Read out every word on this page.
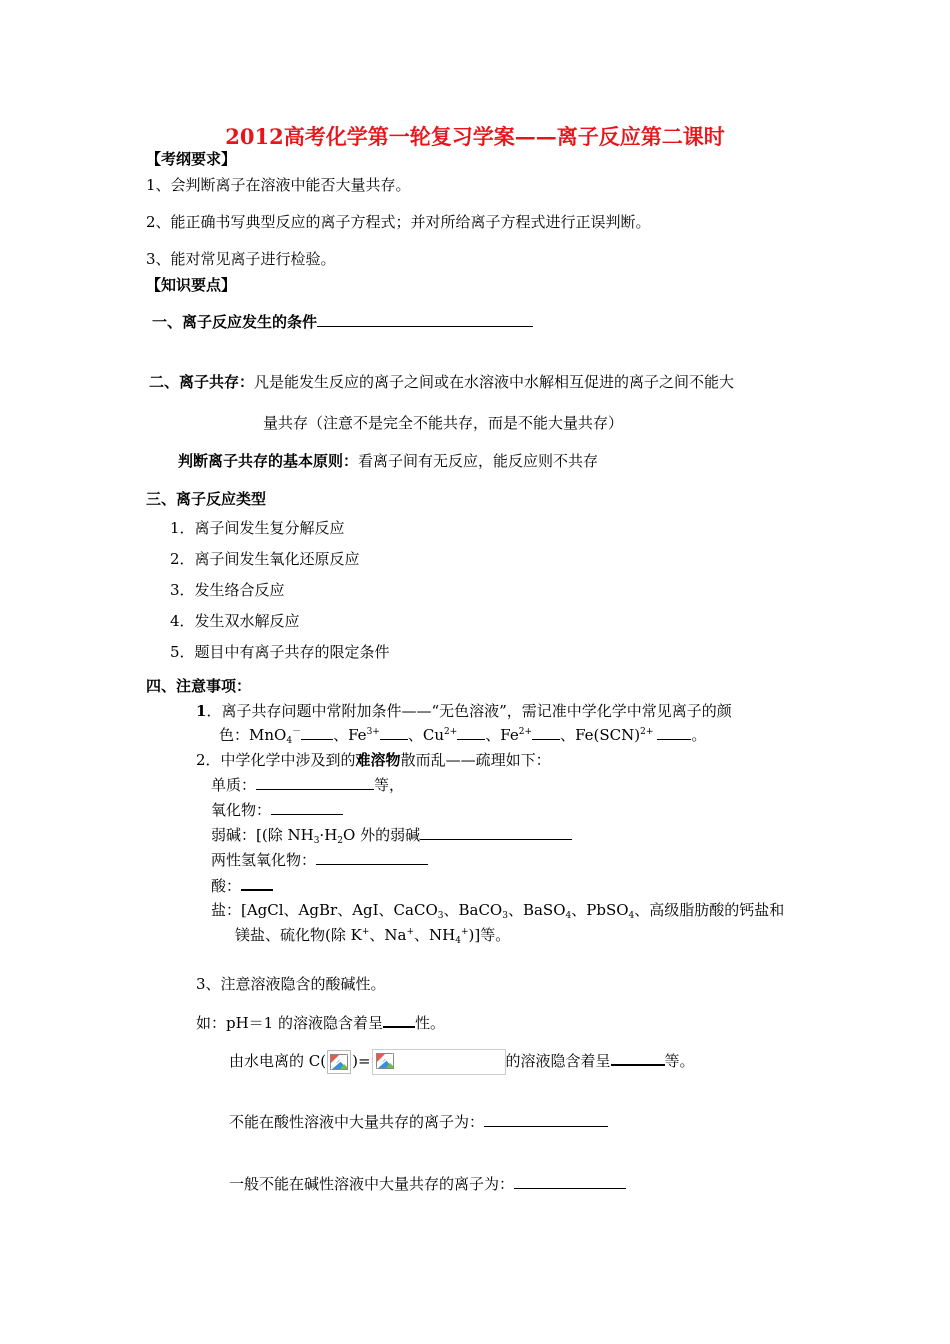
2012高考化学第一轮复习学案——离子反应第二课时
【考纲要求】
1、会判断离子在溶液中能否大量共存。
2、能正确书写典型反应的离子方程式；并对所给离子方程式进行正误判断。
3、能对常见离子进行检验。
【知识要点】
一、离子反应发生的条件
二、离子共存：凡是能发生反应的离子之间或在水溶液中水解相互促进的离子之间不能大
量共存（注意不是完全不能共存，而是不能大量共存）
判断离子共存的基本原则：看离子间有无反应，能反应则不共存
三、离子反应类型
1．离子间发生复分解反应
2．离子间发生氧化还原反应
3．发生络合反应
4．发生双水解反应
5．题目中有离子共存的限定条件
四、注意事项：
1．离子共存问题中常附加条件——“无色溶液”，需记准中学化学中常见离子的颜
色：MnO$_4$－ 、$Fe^{3+}$ 、$Cu^{2+}$ 、$Fe^{2+}$ 、Fe(SCN)$^{2+}$	。
2．中学化学中涉及到的难溶物散而乱——疏理如下：
单质：	等，
氧化物：
弱碱：[(除 $NH_3\cdot H_2O$ 外的弱碱
两性氢氧化物：
酸：
盐：[AgCl、AgBr、AgI、CaCO$_3$、BaCO$_3$、BaSO$_4$、PbSO$_4$、高级脂肪酸的钙盐和
镁盐、硫化物(除 K+、Na+、$NH_4^+$)]等。
3、注意溶液隐含的酸碱性。
如：pH＝1 的溶液隐含着呈 性。
由水电离的 C( )=	的溶液隐含着呈	等。
不能在酸性溶液中大量共存的离子为：
一般不能在碱性溶液中大量共存的离子为：
